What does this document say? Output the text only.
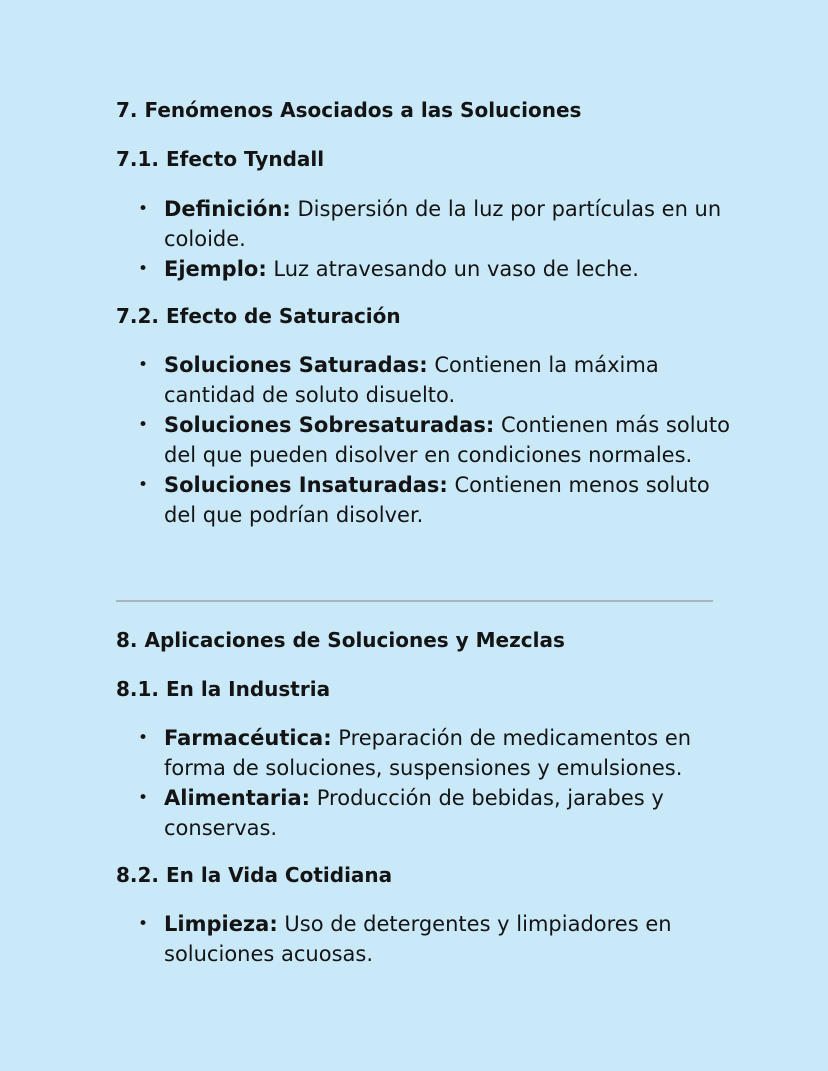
7. Fenómenos Asociados a las Soluciones
7.1. Efecto Tyndall
• Definición: Dispersión de la luz por partículas en un coloide.
• Ejemplo: Luz atravesando un vaso de leche.
7.2. Efecto de Saturación
• Soluciones Saturadas: Contienen la máxima cantidad de soluto disuelto.
• Soluciones Sobresaturadas: Contienen más soluto del que pueden disolver en condiciones normales.
• Soluciones Insaturadas: Contienen menos soluto del que podrían disolver.
8. Aplicaciones de Soluciones y Mezclas
8.1. En la Industria
• Farmacéutica: Preparación de medicamentos en forma de soluciones, suspensiones y emulsiones.
• Alimentaria: Producción de bebidas, jarabes y conservas.
8.2. En la Vida Cotidiana
• Limpieza: Uso de detergentes y limpiadores en soluciones acuosas.
